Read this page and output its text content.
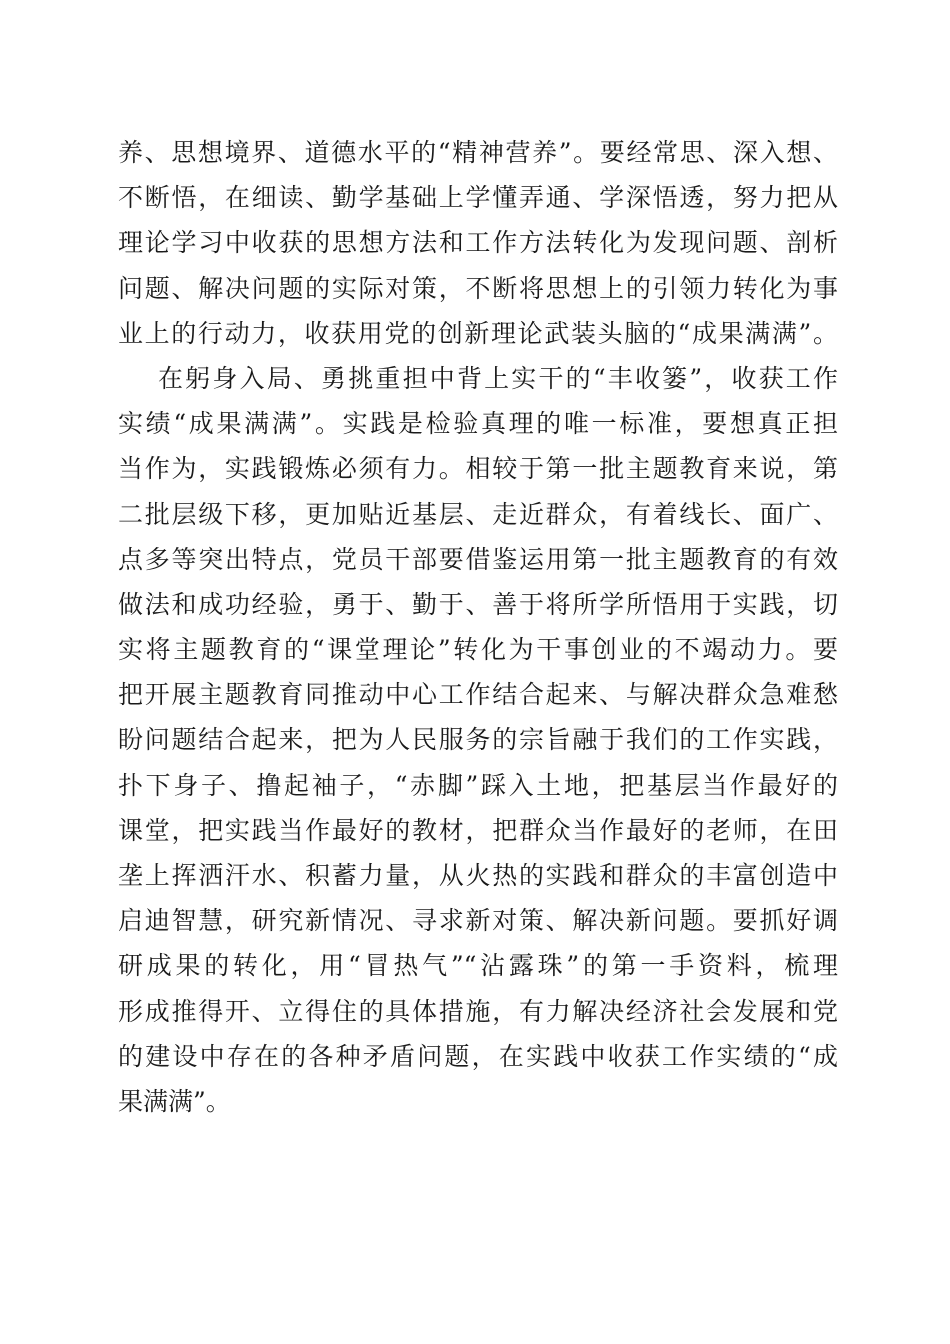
养、思想境界、道德水平的“精神营养”。要经常思、深入想、
不断悟，在细读、勤学基础上学懂弄通、学深悟透，努力把从
理论学习中收获的思想方法和工作方法转化为发现问题、剖析
问题、解决问题的实际对策，不断将思想上的引领力转化为事
业上的行动力，收获用党的创新理论武装头脑的“成果满满”。
在躬身入局、勇挑重担中背上实干的“丰收篓”，收获工作
实绩“成果满满”。实践是检验真理的唯一标准，要想真正担
当作为，实践锻炼必须有力。相较于第一批主题教育来说，第
二批层级下移，更加贴近基层、走近群众，有着线长、面广、
点多等突出特点，党员干部要借鉴运用第一批主题教育的有效
做法和成功经验，勇于、勤于、善于将所学所悟用于实践，切
实将主题教育的“课堂理论”转化为干事创业的不竭动力。要
把开展主题教育同推动中心工作结合起来、与解决群众急难愁
盼问题结合起来，把为人民服务的宗旨融于我们的工作实践，
扑下身子、撸起袖子，“赤脚”踩入土地，把基层当作最好的
课堂，把实践当作最好的教材，把群众当作最好的老师，在田
垄上挥洒汗水、积蓄力量，从火热的实践和群众的丰富创造中
启迪智慧，研究新情况、寻求新对策、解决新问题。要抓好调
研成果的转化，用“冒热气”“沾露珠”的第一手资料，梳理
形成推得开、立得住的具体措施，有力解决经济社会发展和党
的建设中存在的各种矛盾问题，在实践中收获工作实绩的“成
果满满”。
